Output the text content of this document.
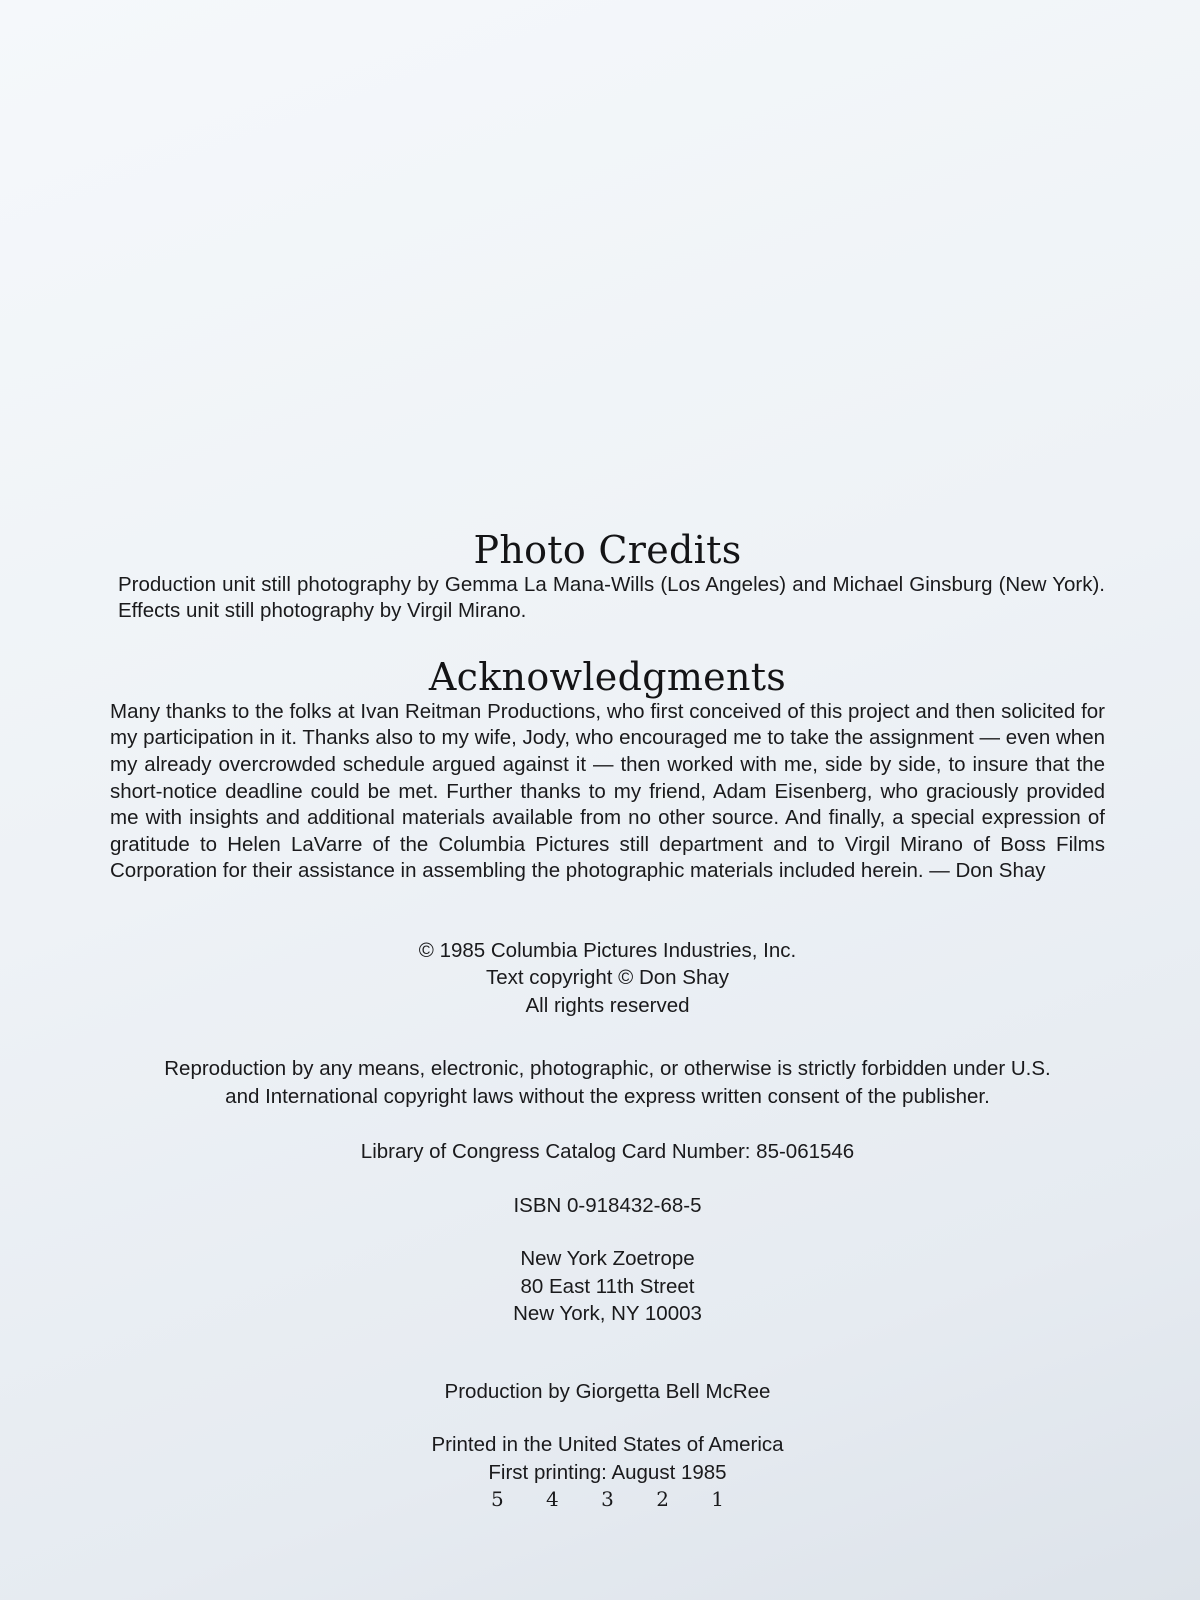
Photo Credits

Production unit still photography by Gemma La Mana-Wills (Los Angeles) and Michael Ginsburg (New York). Effects unit still photography by Virgil Mirano.

Acknowledgments

Many thanks to the folks at Ivan Reitman Productions, who first conceived of this project and then solicited for my participation in it. Thanks also to my wife, Jody, who encouraged me to take the assignment — even when my already overcrowded schedule argued against it — then worked with me, side by side, to insure that the short-notice deadline could be met. Further thanks to my friend, Adam Eisenberg, who graciously provided me with insights and additional materials available from no other source. And finally, a special expression of gratitude to Helen LaVarre of the Columbia Pictures still department and to Virgil Mirano of Boss Films Corporation for their assistance in assembling the photographic materials included herein. — Don Shay

© 1985 Columbia Pictures Industries, Inc.
Text copyright © Don Shay
All rights reserved
Reproduction by any means, electronic, photographic, or otherwise is strictly forbidden under U.S.
and International copyright laws without the express written consent of the publisher.
Library of Congress Catalog Card Number: 85-061546
ISBN 0-918432-68-5
New York Zoetrope
80 East 11th Street
New York, NY 10003
Production by Giorgetta Bell McRee
Printed in the United States of America
First printing: August 1985
5 4 3 2 1
